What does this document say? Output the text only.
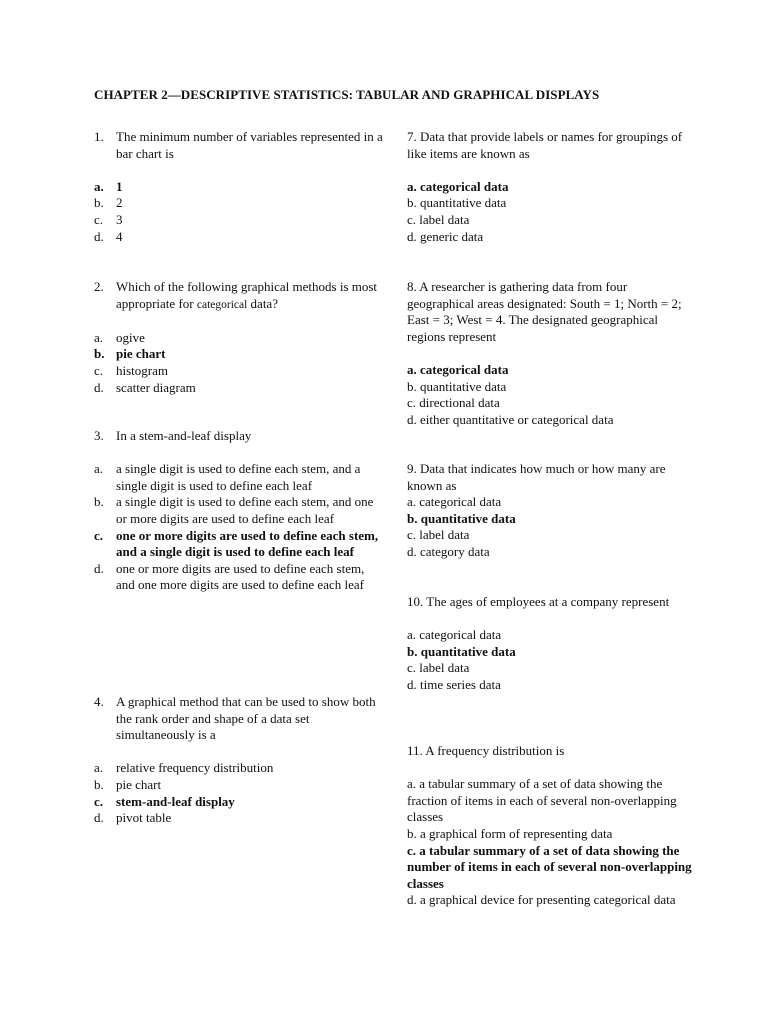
CHAPTER 2—DESCRIPTIVE STATISTICS: TABULAR AND GRAPHICAL DISPLAYS
1. The minimum number of variables represented in a bar chart is
a. 1
b. 2
c. 3
d. 4
2. Which of the following graphical methods is most appropriate for categorical data?
a. ogive
b. pie chart
c. histogram
d. scatter diagram
3. In a stem-and-leaf display
a. a single digit is used to define each stem, and a single digit is used to define each leaf
b. a single digit is used to define each stem, and one or more digits are used to define each leaf
c. one or more digits are used to define each stem, and a single digit is used to define each leaf
d. one or more digits are used to define each stem, and one more digits are used to define each leaf
4. A graphical method that can be used to show both the rank order and shape of a data set simultaneously is a
a. relative frequency distribution
b. pie chart
c. stem-and-leaf display
d. pivot table
7. Data that provide labels or names for groupings of like items are known as
a. categorical data
b. quantitative data
c. label data
d. generic data
8. A researcher is gathering data from four geographical areas designated: South = 1; North = 2; East = 3; West = 4. The designated geographical regions represent
a. categorical data
b. quantitative data
c. directional data
d. either quantitative or categorical data
9. Data that indicates how much or how many are known as
a. categorical data
b. quantitative data
c. label data
d. category data
10. The ages of employees at a company represent
a. categorical data
b. quantitative data
c. label data
d. time series data
11. A frequency distribution is
a. a tabular summary of a set of data showing the fraction of items in each of several non-overlapping classes
b. a graphical form of representing data
c. a tabular summary of a set of data showing the number of items in each of several non-overlapping classes
d. a graphical device for presenting categorical data
